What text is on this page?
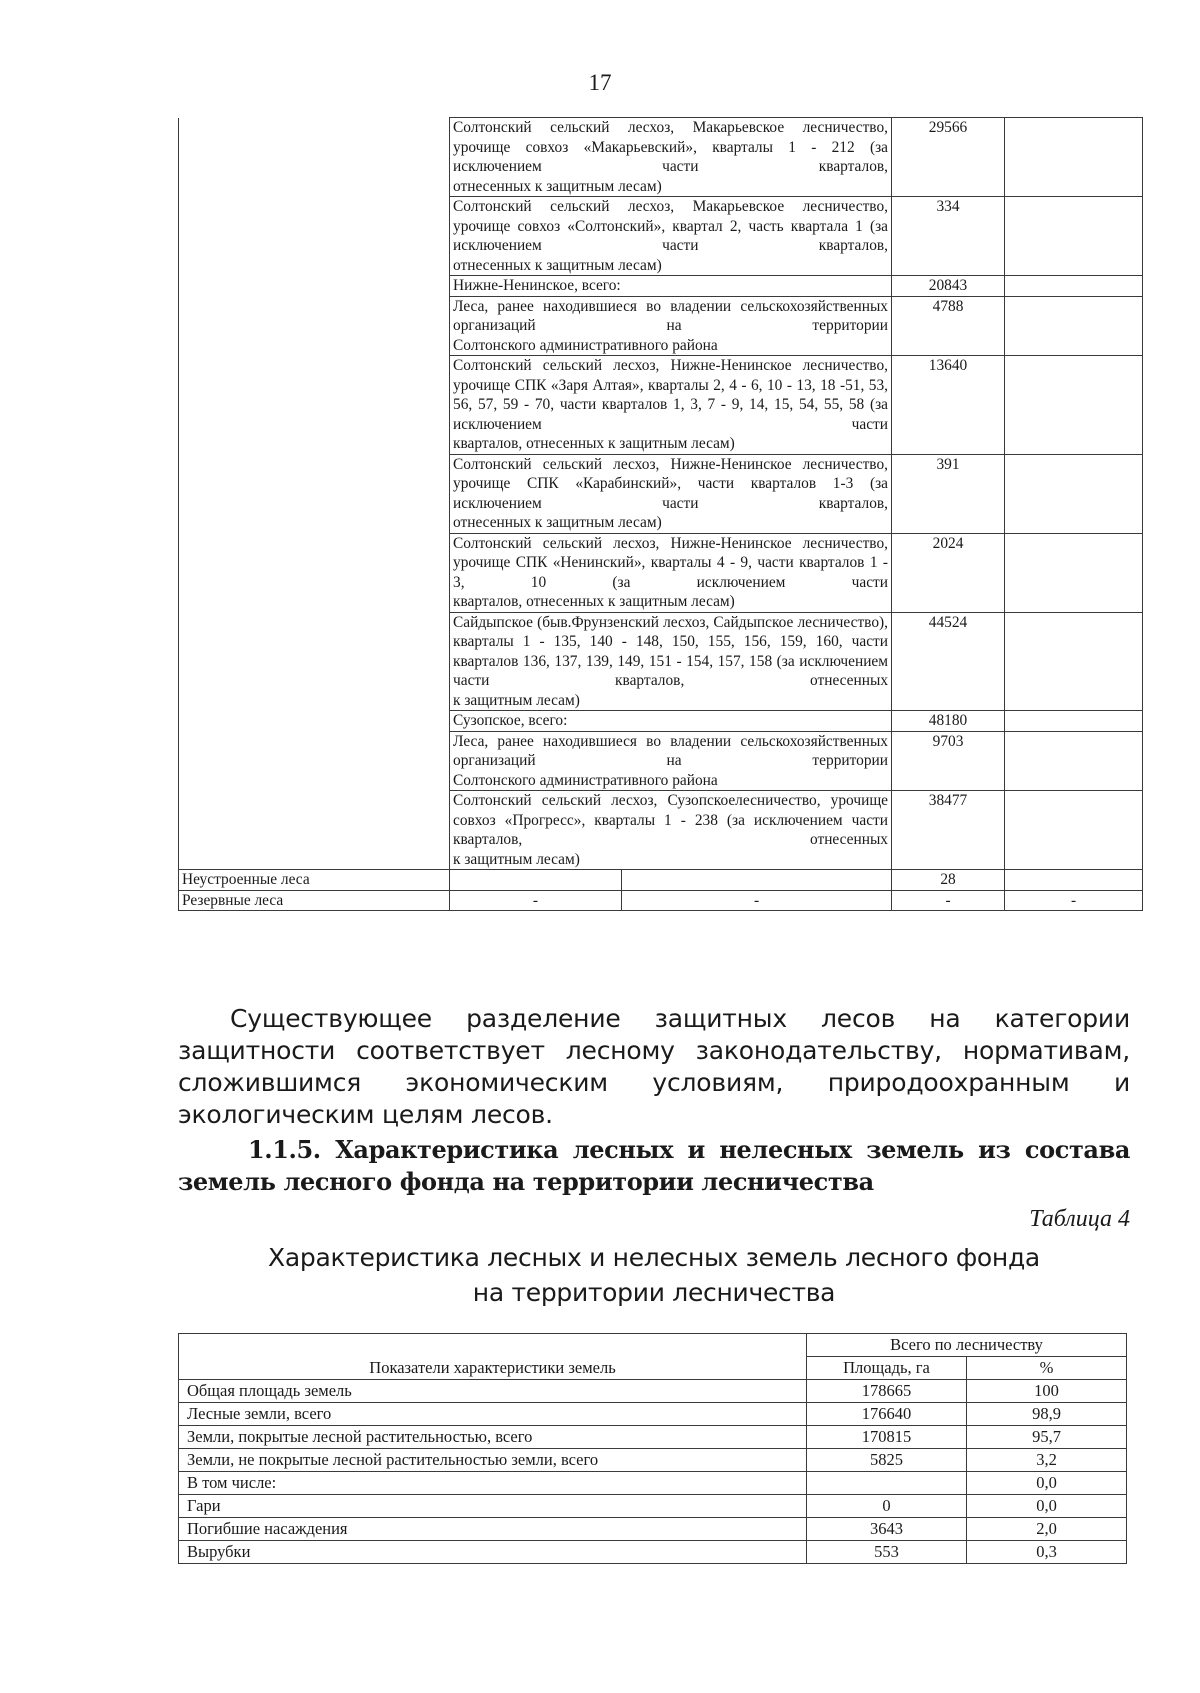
17
	Солтонский сельский лесхоз, Макарьевское лесничество, урочище совхоз «Макарьевский», кварталы 1 - 212 (за исключением части кварталов,
отнесенных к защитным лесам)		29566	
	Солтонский сельский лесхоз, Макарьевское лесничество, урочище совхоз «Солтонский», квартал 2, часть квартала 1 (за исключением части кварталов,
отнесенных к защитным лесам)		334	

	Нижне-Ненинское, всего:		20843	
	Леса, ранее находившиеся во владении сельскохозяйственных организаций на территории
Солтонского административного района		4788	
	Солтонский сельский лесхоз, Нижне-Ненинское лесничество, урочище СПК «Заря Алтая», кварталы 2, 4 - 6, 10 - 13, 18 -51, 53, 56, 57, 59 - 70, части кварталов 1, 3, 7 - 9, 14, 15, 54, 55, 58 (за исключением части
кварталов, отнесенных к защитным лесам)		13640	
	Солтонский сельский лесхоз, Нижне-Ненинское лесничество, урочище СПК «Карабинский», части кварталов 1-3 (за исключением части кварталов,
отнесенных к защитным лесам)		391	
	Солтонский сельский лесхоз, Нижне-Ненинское лесничество, урочище СПК «Ненинский», кварталы 4 - 9, части кварталов 1 - 3, 10 (за исключением части
кварталов, отнесенных к защитным лесам)		2024	
	Сайдыпское (быв.Фрунзенский лесхоз, Сайдыпское лесничество), кварталы 1 - 135, 140 - 148, 150, 155, 156, 159, 160, части кварталов 136, 137, 139, 149, 151 - 154, 157, 158 (за исключением части кварталов, отнесенных
к защитным лесам)		44524	

	Сузопское, всего:		48180	
	Леса, ранее находившиеся во владении сельскохозяйственных организаций на территории
Солтонского административного района		9703	
	Солтонский сельский лесхоз, Сузопскоелесничество, урочище совхоз «Прогресс», кварталы 1 - 238 (за исключением части кварталов, отнесенных
к защитным лесам)		38477	
Неустроенные леса			28	
Резервные леса	-	-	-	-
Существующее разделение защитных лесов на категории защитности соответствует лесному законодательству, нормативам, сложившимся экономическим условиям, природоохранным и экологическим целям лесов.
1.1.5. Характеристика лесных и нелесных земель из состава земель лесного фонда на территории лесничества
Таблица 4
Характеристика лесных и нелесных земель лесного фонда
на территории лесничества
Показатели характеристики земель	Всего по лесничеству	
	Площадь, га	%
Общая площадь земель	178665	100
Лесные земли, всего	176640	98,9
Земли, покрытые лесной растительностью, всего	170815	95,7
Земли, не покрытые лесной растительностью земли, всего	5825	3,2
В том числе:		0,0
Гари	0	0,0
Погибшие насаждения	3643	2,0
Вырубки	553	0,3
